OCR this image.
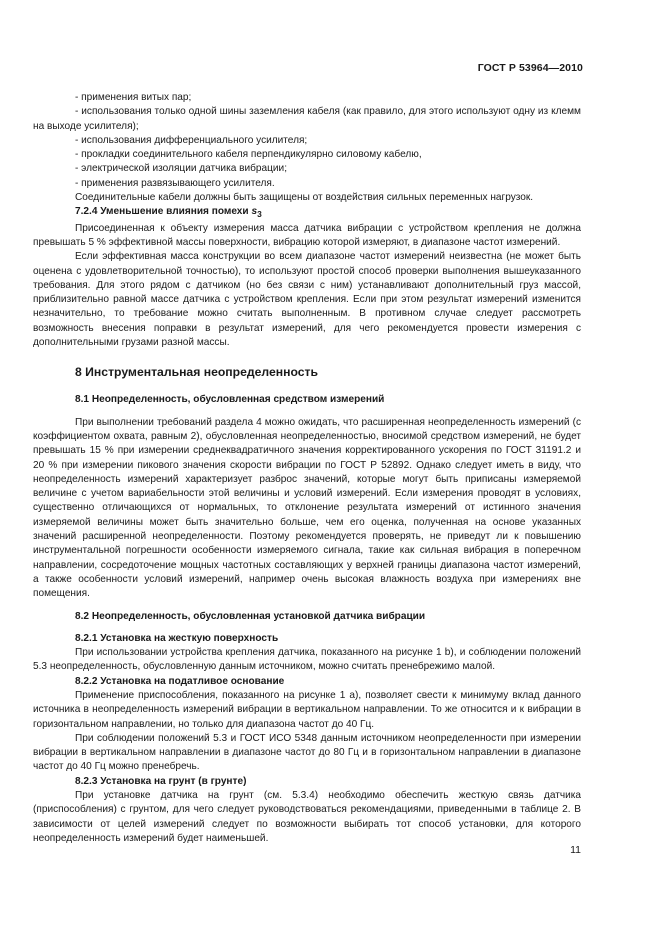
ГОСТ Р 53964—2010

- применения витых пар;

- использования только одной шины заземления кабеля (как правило, для этого используют одну из клемм на выходе усилителя);

- использования дифференциального усилителя;

- прокладки соединительного кабеля перпендикулярно силовому кабелю,

- электрической изоляции датчика вибрации;

- применения развязывающего усилителя.

Соединительные кабели должны быть защищены от воздействия сильных переменных нагрузок.

7.2.4 Уменьшение влияния помехи $s_3$

Присоединенная к объекту измерения масса датчика вибрации с устройством крепления не должна превышать 5 % эффективной массы поверхности, вибрацию которой измеряют, в диапазоне частот измерений.

Если эффективная масса конструкции во всем диапазоне частот измерений неизвестна (не может быть оценена с удовлетворительной точностью), то используют простой способ проверки выполнения вышеуказанного требования. Для этого рядом с датчиком (но без связи с ним) устанавливают дополнительный груз массой, приблизительно равной массе датчика с устройством крепления. Если при этом результат измерений изменится незначительно, то требование можно считать выполненным. В противном случае следует рассмотреть возможность внесения поправки в результат измерений, для чего рекомендуется провести измерения с дополнительными грузами разной массы.

8 Инструментальная неопределенность

8.1 Неопределенность, обусловленная средством измерений

При выполнении требований раздела 4 можно ожидать, что расширенная неопределенность измерений (с коэффициентом охвата, равным 2), обусловленная неопределенностью, вносимой средством измерений, не будет превышать 15 % при измерении среднеквадратичного значения корректированного ускорения по ГОСТ 31191.2 и 20 % при измерении пикового значения скорости вибрации по ГОСТ Р 52892. Однако следует иметь в виду, что неопределенность измерений характеризует разброс значений, которые могут быть приписаны измеряемой величине с учетом вариабельности этой величины и условий измерений. Если измерения проводят в условиях, существенно отличающихся от нормальных, то отклонение результата измерений от истинного значения измеряемой величины может быть значительно больше, чем его оценка, полученная на основе указанных значений расширенной неопределенности. Поэтому рекомендуется проверять, не приведут ли к повышению инструментальной погрешности особенности измеряемого сигнала, такие как сильная вибрация в поперечном направлении, сосредоточение мощных частотных составляющих у верхней границы диапазона частот измерений, а также особенности условий измерений, например очень высокая влажность воздуха при измерениях вне помещения.

8.2 Неопределенность, обусловленная установкой датчика вибрации

8.2.1 Установка на жесткую поверхность

При использовании устройства крепления датчика, показанного на рисунке 1 b), и соблюдении положений 5.3 неопределенность, обусловленную данным источником, можно считать пренебрежимо малой.

8.2.2 Установка на податливое основание

Применение приспособления, показанного на рисунке 1 а), позволяет свести к минимуму вклад данного источника в неопределенность измерений вибрации в вертикальном направлении. То же относится и к вибрации в горизонтальном направлении, но только для диапазона частот до 40 Гц.

При соблюдении положений 5.3 и ГОСТ ИСО 5348 данным источником неопределенности при измерении вибрации в вертикальном направлении в диапазоне частот до 80 Гц и в горизонтальном направлении в диапазоне частот до 40 Гц можно пренебречь.

8.2.3 Установка на грунт (в грунте)

При установке датчика на грунт (см. 5.3.4) необходимо обеспечить жесткую связь датчика (приспособления) с грунтом, для чего следует руководствоваться рекомендациями, приведенными в таблице 2. В зависимости от целей измерений следует по возможности выбирать тот способ установки, для которого неопределенность измерений будет наименьшей.

11
